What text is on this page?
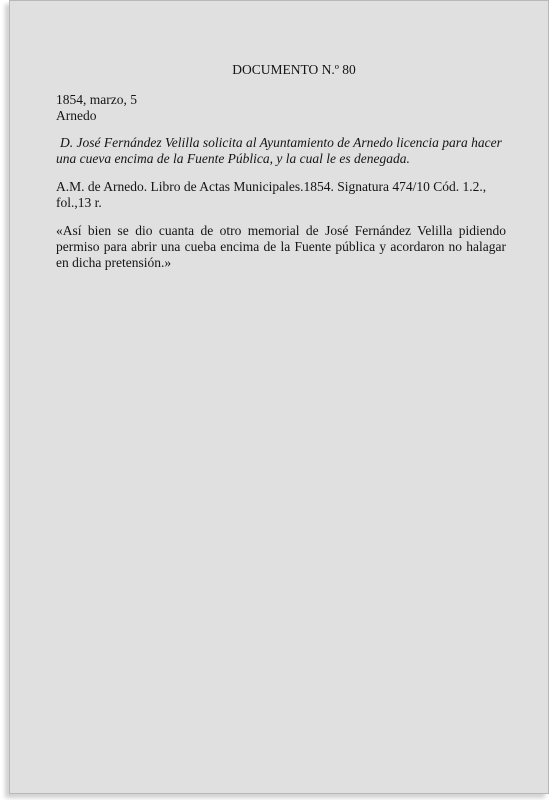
DOCUMENTO N.º 80
1854, marzo, 5
Arnedo
D. José Fernández Velilla solicita al Ayuntamiento de Arnedo licencia para hacer una cueva encima de la Fuente Pública, y la cual le es denegada.
A.M. de Arnedo. Libro de Actas Municipales.1854. Signatura 474/10 Cód. 1.2., fol.,13 r.
«Así bien se dio cuanta de otro memorial de José Fernández Velilla pidiendo permiso para abrir una cueba encima de la Fuente pública y acordaron no halagar en dicha pretensión.»
